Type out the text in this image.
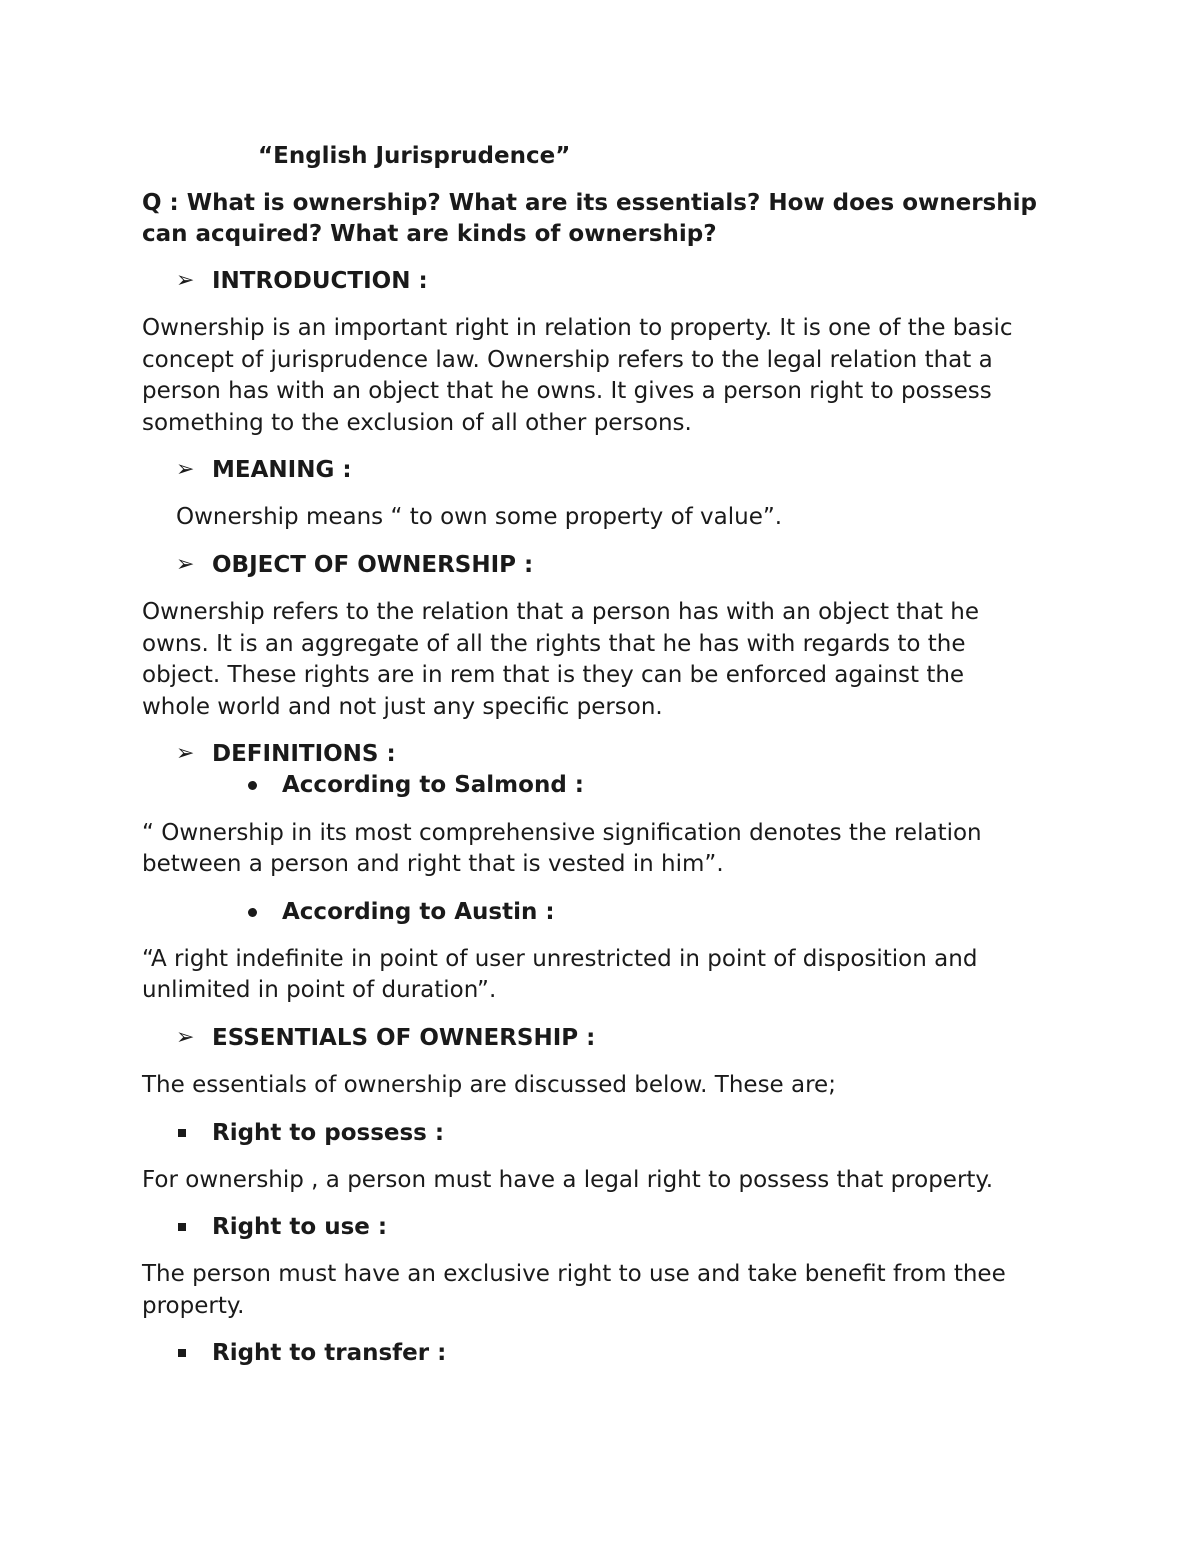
“English Jurisprudence”
Q : What is ownership? What are its essentials? How does ownership
can acquired? What are kinds of ownership?
➢ INTRODUCTION :
Ownership is an important right in relation to property. It is one of the basic
concept of jurisprudence law. Ownership refers to the legal relation that a
person has with an object that he owns. It gives a person right to possess
something to the exclusion of all other persons.
➢ MEANING :
Ownership means “ to own some property of value”.
➢ OBJECT OF OWNERSHIP :
Ownership refers to the relation that a person has with an object that he
owns. It is an aggregate of all the rights that he has with regards to the
object. These rights are in rem that is they can be enforced against the
whole world and not just any specific person.
➢ DEFINITIONS :
According to Salmond :
“ Ownership in its most comprehensive signification denotes the relation
between a person and right that is vested in him”.
According to Austin :
“A right indefinite in point of user unrestricted in point of disposition and
unlimited in point of duration”.
➢ ESSENTIALS OF OWNERSHIP :
The essentials of ownership are discussed below. These are;
Right to possess :
For ownership , a person must have a legal right to possess that property.
Right to use :
The person must have an exclusive right to use and take benefit from thee
property.
Right to transfer :
